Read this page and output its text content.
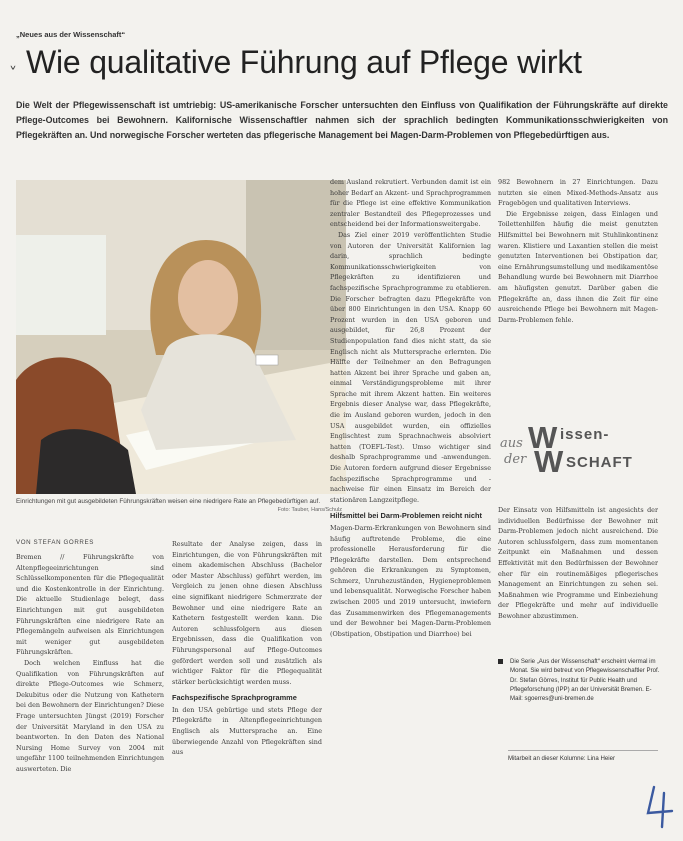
„Neues aus der Wissenschaft“
ˬ Wie qualitative Führung auf Pflege wirkt
Die Welt der Pflegewissenschaft ist umtriebig: US-amerikanische Forscher untersuchten den Einfluss von Qualifikation der Führungskräfte auf direkte Pflege-Outcomes bei Bewohnern. Kalifornische Wissenschaftler nahmen sich der sprachlich bedingten Kommunikationsschwierigkeiten von Pflegekräften an. Und norwegische Forscher werteten das pflegerische Management bei Magen-Darm-Problemen von Pflegebedürftigen aus.
Einrichtungen mit gut ausgebildeten Führungskräften weisen eine niedrigere Rate an Pflegebedürftigen auf.
Foto: Tauber, Hans/Schulz
VON STEFAN GÖRRES

Bremen // Führungskräfte von Altenpflegeeinrichtungen sind Schlüsselkomponenten für die Pflegequalität und die Kostenkontrolle in der Einrichtung. Die aktuelle Studienlage belegt, dass Einrichtungen mit gut ausgebildeten Führungskräften eine niedrigere Rate an Pflegemängeln aufweisen als Einrichtungen mit weniger gut ausgebildeten Führungskräften.

Doch welchen Einfluss hat die Qualifikation von Führungskräften auf direkte Pflege-Outcomes wie Schmerz, Dekubitus oder die Nutzung von Kathetern bei den Bewohnern der Einrichtungen? Diese Frage untersuchten Jüngst (2019) Forscher der Universität Maryland in den USA zu beantworten. In den Daten des National Nursing Home Survey von 2004 mit ungefähr 1100 teilnehmenden Einrichtungen auswerteten. Die

Resultate der Analyse zeigen, dass in Einrichtungen, die von Führungskräften mit einem akademischen Abschluss (Bachelor oder Master Abschluss) geführt werden, im Vergleich zu jenen ohne diesen Abschluss eine signifikant niedrigere Schmerzrate der Bewohner und eine niedrigere Rate an Kathetern festgestellt werden kann. Die Autoren schlussfolgern aus diesen Ergebnissen, dass die Qualifikation von Führungspersonal auf Pflege-Outcomes gefördert werden soll und zusätzlich als wichtiger Faktor für die Pflegequalität stärker berücksichtigt werden muss.

Fachspezifische Sprachprogramme

In den USA gebürtige und stets Pflege der Pflegekräfte in Altenpflegeeinrichtungen Englisch als Muttersprache an. Eine überwiegende Anzahl von Pflegekräften sind aus

dem Ausland rekrutiert. Verbunden damit ist ein hoher Bedarf an Akzent- und Sprachprogrammen für die Pflege ist eine effektive Kommunikation zentraler Bestandteil des Pflegeprozesses und entscheidend bei der Informationsweitergabe.

Das Ziel einer 2019 veröffentlichten Studie von Autoren der Universität Kalifornien lag darin, sprachlich bedingte Kommunikationsschwierigkeiten von Pflegekräften zu identifizieren und fachspezifische Sprachprogramme zu etablieren. Die Forscher befragten dazu Pflegekräfte von über 800 Einrichtungen in den USA. Knapp 60 Prozent wurden in den USA geboren und ausgebildet, für 26,8 Prozent der Studienpopulation fand dies nicht statt, da sie Englisch nicht als Muttersprache erlernten. Die Hälfte der Teilnehmer an den Befragungen hatten Akzent bei ihrer Sprache und gaben an, einmal Verständigungsprobleme mit ihrer Sprache mit ihrem Akzent hatten. Ein weiteres Ergebnis dieser Analyse war, dass Pflegekräfte, die im Ausland geboren wurden, jedoch in den USA ausgebildet wurden, ein offizielles Englischtest zum Sprachnachweis absolviert hatten (TOEFL-Test). Umso wichtiger sind deshalb Sprachprogramme und -anwendungen. Die Autoren fordern aufgrund dieser Ergebnisse fachspezifische Sprachprogramme und -nachweise für einen Einsatz im Bereich der stationären Langzeitpflege.

Hilfsmittel bei Darm-Problemen reicht nicht

Magen-Darm-Erkrankungen von Bewohnern sind häufig auftretende Probleme, die eine professionelle Herausforderung für die Pflegekräfte darstellen. Dem entsprechend gehören die Erkrankungen zu Symptomen, Schmerz, Unruhezuständen, Hygieneproblemen und lebensqualität. Norwegische Forscher haben zwischen 2005 und 2019 untersucht, inwiefern das Zusammenwirken des Pflegemanagements und der Bewohner bei Magen-Darm-Problemen (Obstipation, Obstipation und Diarrhoe) bei

982 Bewohnern in 27 Einrichtungen. Dazu nutzten sie einen Mixed-Methods-Ansatz aus Fragebögen und qualitativen Interviews.

Die Ergebnisse zeigen, dass Einlagen und Toilettenhilfen häufig die meist genutzten Hilfsmittel bei Bewohnern mit Stuhlinkontinenz waren. Klistiere und Laxantien stellen die meist genutzten Interventionen bei Obstipation dar, eine Ernährungsumstellung und medikamentöse Behandlung wurde bei Bewohnern mit Diarrhoe am häufigsten genutzt. Darüber gaben die Pflegekräfte an, dass ihnen die Zeit für eine ausreichende Pflege bei Bewohnern mit Magen-Darm-Problemen fehle.

aus W issen-
der W SCHAFT

Der Einsatz von Hilfsmitteln ist angesichts der individuellen Bedürfnisse der Bewohner mit Darm-Problemen jedoch nicht ausreichend. Die Autoren schlussfolgern, dass zum momentanen Zeitpunkt ein Maßnahmen und dessen Effektivität mit den Bedürfnissen der Bewohner eher für ein routinemäßiges pflegerisches Management an Einrichtungen zu sehen sei. Maßnahmen wie Programme und Einbeziehung der Pflegekräfte und mehr auf individuelle Bewohner abzustimmen.

Die Serie „Aus der Wissenschaft“ erscheint viermal im Monat. Sie wird betreut von Pflegewissenschaftler Prof. Dr. Stefan Görres, Institut für Public Health und Pflegeforschung (IPP) an der Universität Bremen. E-Mail: sgoerres@uni-bremen.de
Mitarbeit an dieser Kolumne: Lina Heier
